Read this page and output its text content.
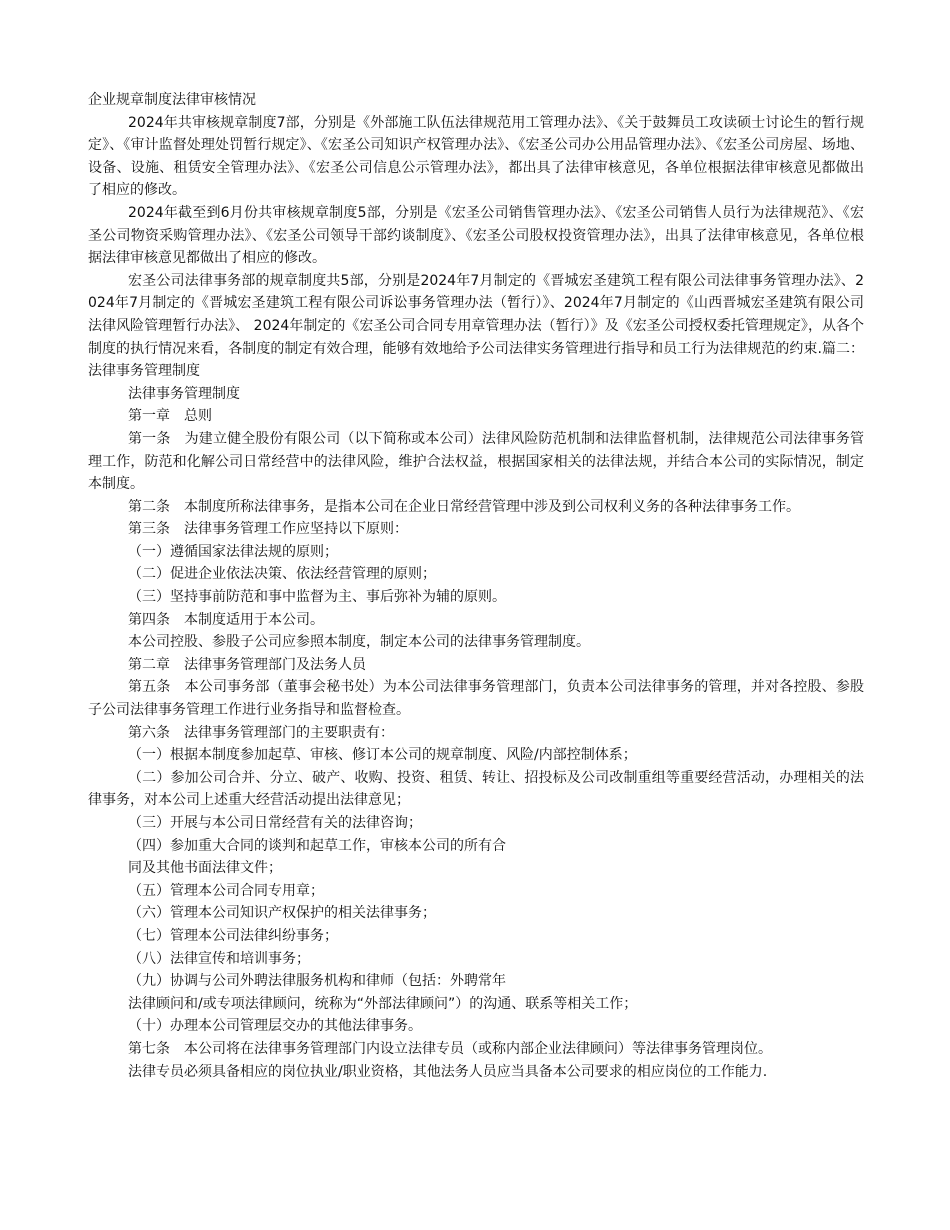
企业规章制度法律审核情况

2024年共审核规章制度7部，分别是《外部施工队伍法律规范用工管理办法》、《关于鼓舞员工攻读硕士讨论生的暂行规定》、《审计监督处理处罚暂行规定》、《宏圣公司知识产权管理办法》、《宏圣公司办公用品管理办法》、《宏圣公司房屋、场地、设备、设施、租赁安全管理办法》、《宏圣公司信息公示管理办法》，都出具了法律审核意见，各单位根据法律审核意见都做出了相应的修改。

2024年截至到6月份共审核规章制度5部，分别是《宏圣公司销售管理办法》、《宏圣公司销售人员行为法律规范》、《宏圣公司物资采购管理办法》、《宏圣公司领导干部约谈制度》、《宏圣公司股权投资管理办法》，出具了法律审核意见，各单位根据法律审核意见都做出了相应的修改。

宏圣公司法律事务部的规章制度共5部，分别是2024年7月制定的《晋城宏圣建筑工程有限公司法律事务管理办法》、2024年7月制定的《晋城宏圣建筑工程有限公司诉讼事务管理办法（暂行）》、2024年7月制定的《山西晋城宏圣建筑有限公司法律风险管理暂行办法》、 2024年制定的《宏圣公司合同专用章管理办法（暂行）》及《宏圣公司授权委托管理规定》，从各个制度的执行情况来看，各制度的制定有效合理，能够有效地给予公司法律实务管理进行指导和员工行为法律规范的约束.篇二：法律事务管理制度

法律事务管理制度

第一章　总则

第一条　为建立健全股份有限公司（以下简称或本公司）法律风险防范机制和法律监督机制，法律规范公司法律事务管理工作，防范和化解公司日常经营中的法律风险，维护合法权益，根据国家相关的法律法规，并结合本公司的实际情况，制定本制度。

第二条　本制度所称法律事务，是指本公司在企业日常经营管理中涉及到公司权利义务的各种法律事务工作。

第三条　法律事务管理工作应坚持以下原则：

（一）遵循国家法律法规的原则；

（二）促进企业依法决策、依法经营管理的原则；

（三）坚持事前防范和事中监督为主、事后弥补为辅的原则。

第四条　本制度适用于本公司。

本公司控股、参股子公司应参照本制度，制定本公司的法律事务管理制度。

第二章　法律事务管理部门及法务人员

第五条　本公司事务部（董事会秘书处）为本公司法律事务管理部门，负责本公司法律事务的管理，并对各控股、参股子公司法律事务管理工作进行业务指导和监督检查。

第六条　法律事务管理部门的主要职责有：

（一）根据本制度参加起草、审核、修订本公司的规章制度、风险/内部控制体系；

（二）参加公司合并、分立、破产、收购、投资、租赁、转让、招投标及公司改制重组等重要经营活动，办理相关的法律事务，对本公司上述重大经营活动提出法律意见；

（三）开展与本公司日常经营有关的法律咨询；

（四）参加重大合同的谈判和起草工作，审核本公司的所有合

同及其他书面法律文件；

（五）管理本公司合同专用章；

（六）管理本公司知识产权保护的相关法律事务；

（七）管理本公司法律纠纷事务；

（八）法律宣传和培训事务；

（九）协调与公司外聘法律服务机构和律师（包括：外聘常年

法律顾问和/或专项法律顾问，统称为“外部法律顾问”）的沟通、联系等相关工作；

（十）办理本公司管理层交办的其他法律事务。

第七条　本公司将在法律事务管理部门内设立法律专员（或称内部企业法律顾问）等法律事务管理岗位。

法律专员必须具备相应的岗位执业/职业资格，其他法务人员应当具备本公司要求的相应岗位的工作能力.
